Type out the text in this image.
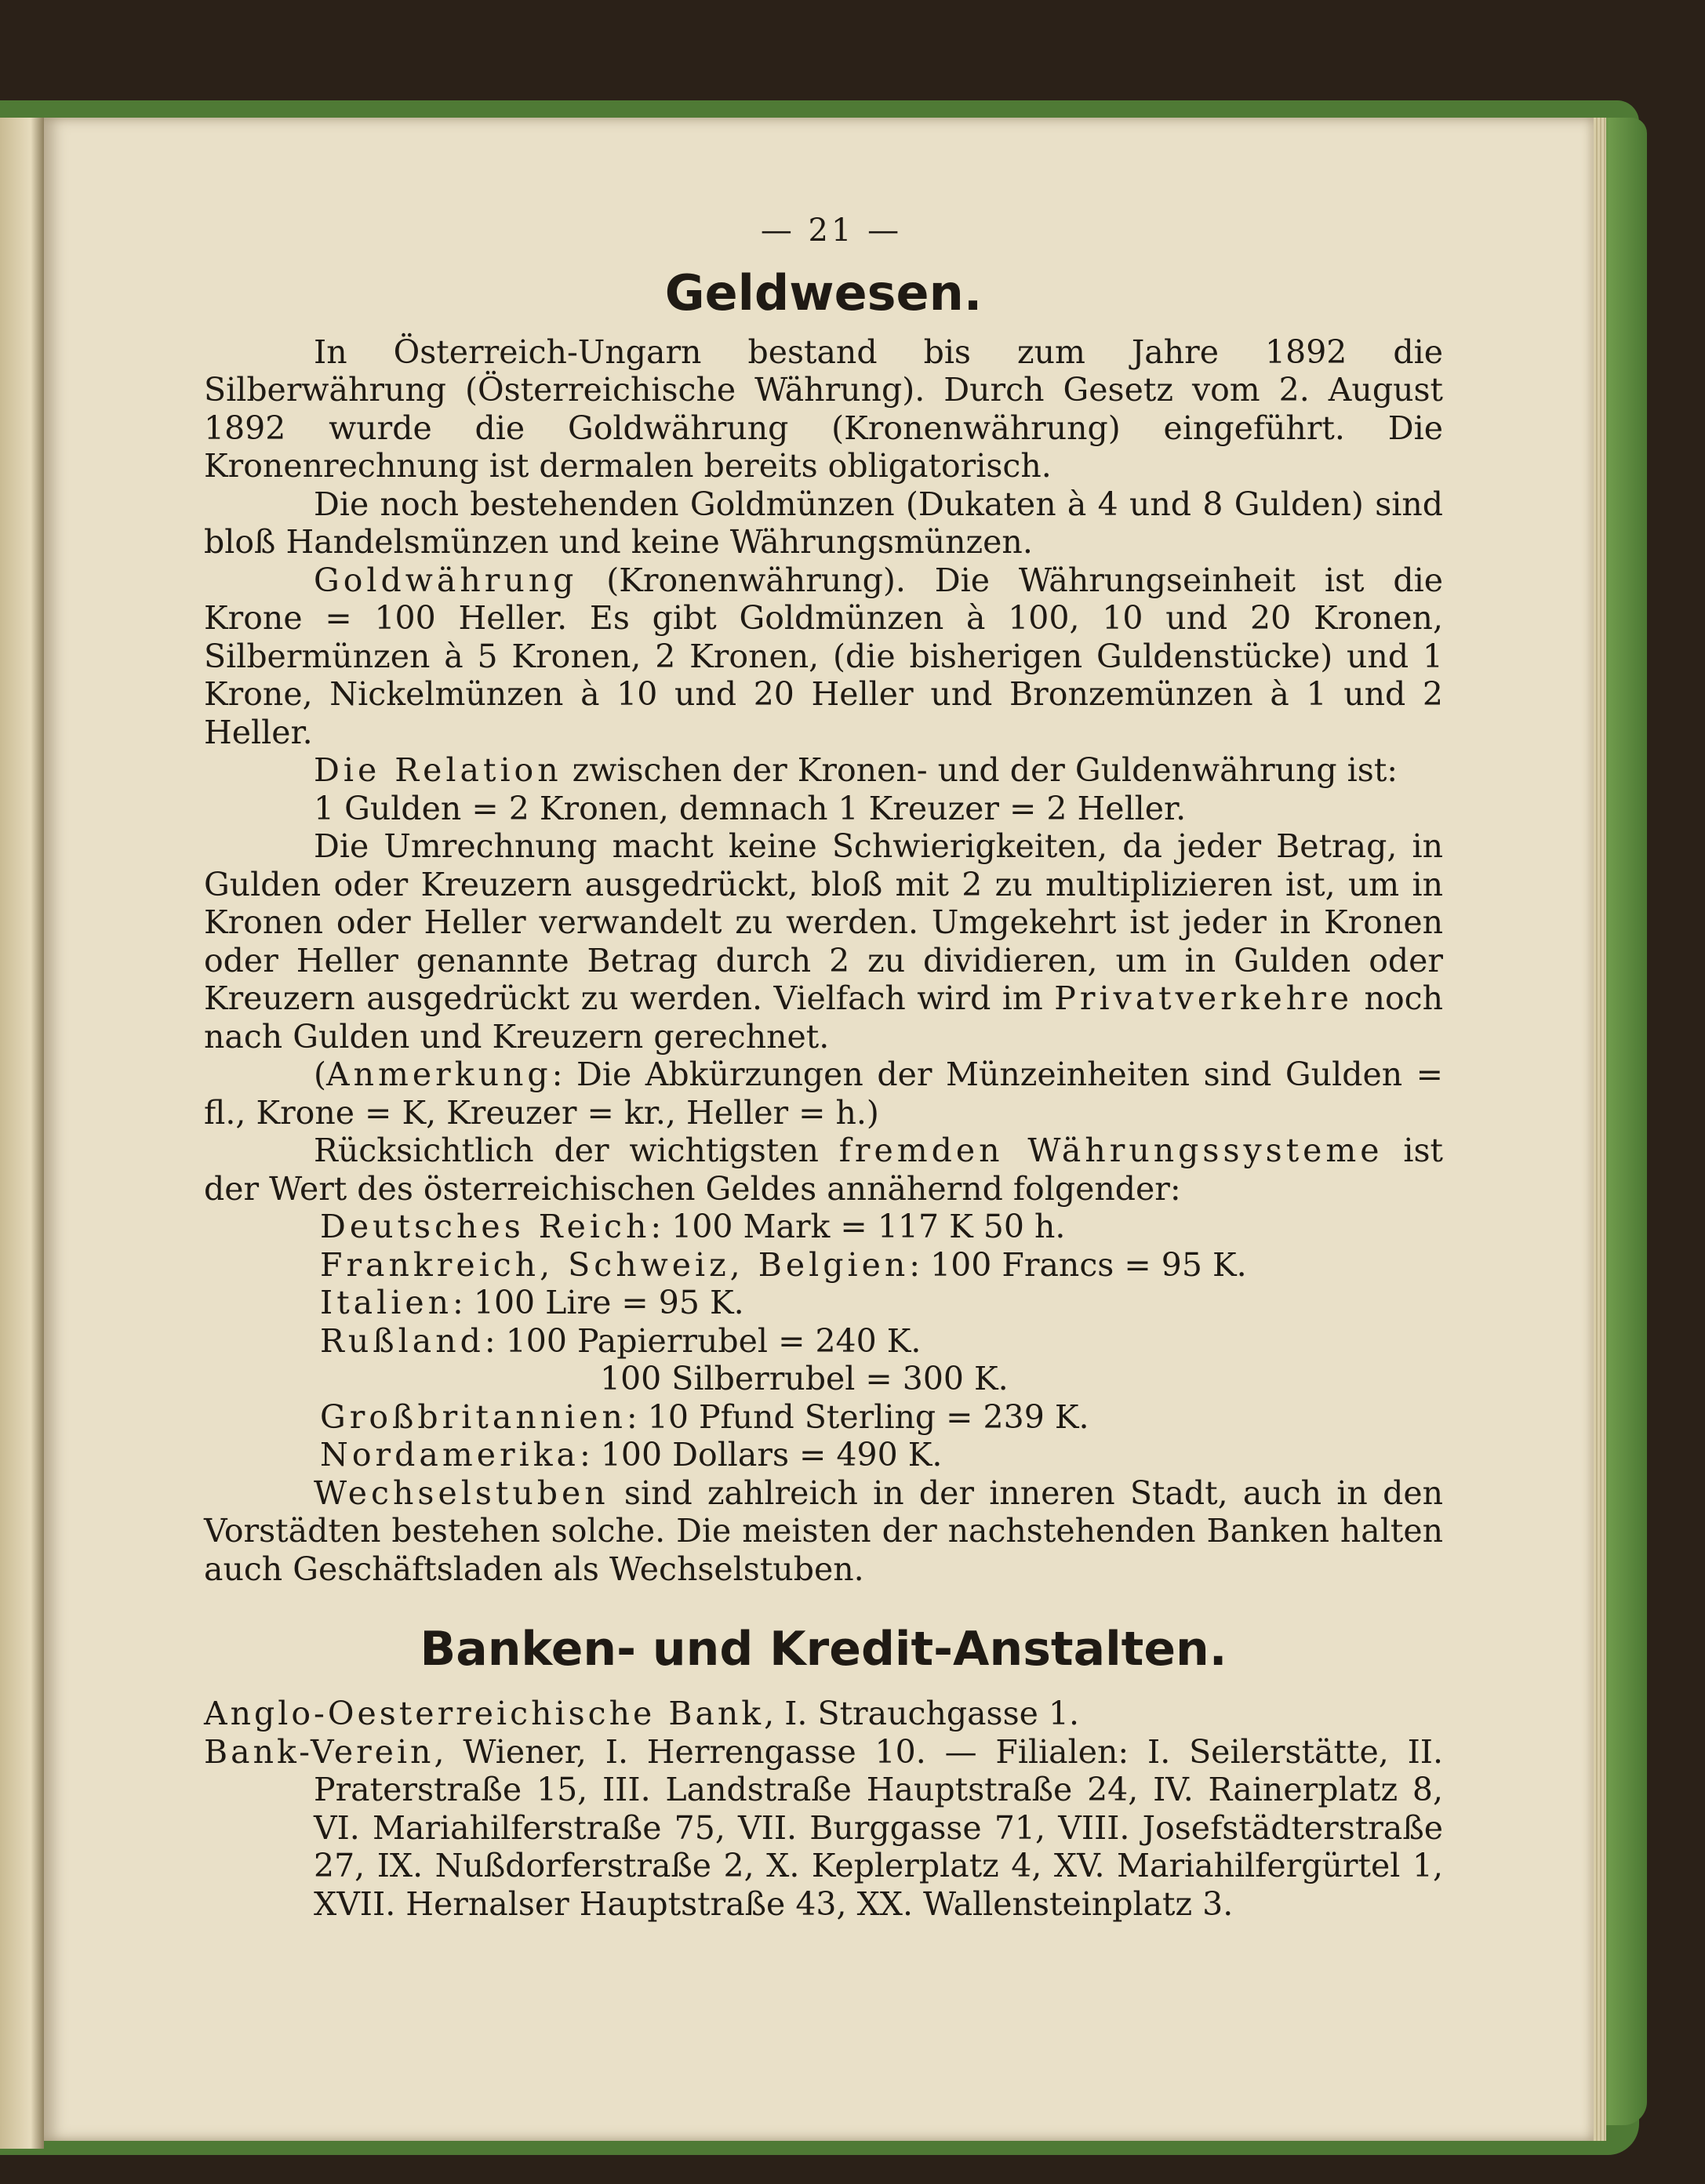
— 21 —
Geldwesen.

In Österreich-Ungarn bestand bis zum Jahre 1892 die Silberwährung (Österreichische Währung). Durch Gesetz vom 2. August 1892 wurde die Goldwährung (Kronenwährung) eingeführt. Die Kronenrechnung ist dermalen bereits obligatorisch.

Die noch bestehenden Goldmünzen (Dukaten à 4 und 8 Gulden) sind bloß Handelsmünzen und keine Währungsmünzen.

Goldwährung (Kronenwährung). Die Währungseinheit ist die Krone = 100 Heller. Es gibt Goldmünzen à 100, 10 und 20 Kronen, Silbermünzen à 5 Kronen, 2 Kronen, (die bisherigen Guldenstücke) und 1 Krone, Nickelmünzen à 10 und 20 Heller und Bronzemünzen à 1 und 2 Heller.

Die Relation zwischen der Kronen- und der Guldenwährung ist:

1 Gulden = 2 Kronen, demnach 1 Kreuzer = 2 Heller.

Die Umrechnung macht keine Schwierigkeiten, da jeder Betrag, in Gulden oder Kreuzern ausgedrückt, bloß mit 2 zu multiplizieren ist, um in Kronen oder Heller verwandelt zu werden. Umgekehrt ist jeder in Kronen oder Heller genannte Betrag durch 2 zu dividieren, um in Gulden oder Kreuzern ausgedrückt zu werden. Vielfach wird im Privatverkehre noch nach Gulden und Kreuzern gerechnet.

(Anmerkung: Die Abkürzungen der Münzeinheiten sind Gulden = fl., Krone = K, Kreuzer = kr., Heller = h.)

Rücksichtlich der wichtigsten fremden Währungssysteme ist der Wert des österreichischen Geldes annähernd folgender:

Deutsches Reich: 100 Mark = 117 K 50 h.
Frankreich, Schweiz, Belgien: 100 Francs = 95 K.
Italien: 100 Lire = 95 K.
Rußland: 100 Papierrubel = 240 K.
100 Silberrubel = 300 K.
Großbritannien: 10 Pfund Sterling = 239 K.
Nordamerika: 100 Dollars = 490 K.

Wechselstuben sind zahlreich in der inneren Stadt, auch in den Vorstädten bestehen solche. Die meisten der nachstehenden Banken halten auch Geschäftsladen als Wechselstuben.

Banken- und Kredit-Anstalten.

Anglo-Oesterreichische Bank, I. Strauchgasse 1.

Bank-Verein, Wiener, I. Herrengasse 10. — Filialen: I. Seilerstätte, II. Praterstraße 15, III. Landstraße Hauptstraße 24, IV. Rainerplatz 8, VI. Mariahilferstraße 75, VII. Burggasse 71, VIII. Josefstädterstraße 27, IX. Nußdorferstraße 2, X. Keplerplatz 4, XV. Mariahilfergürtel 1, XVII. Hernalser Hauptstraße 43, XX. Wallensteinplatz 3.
